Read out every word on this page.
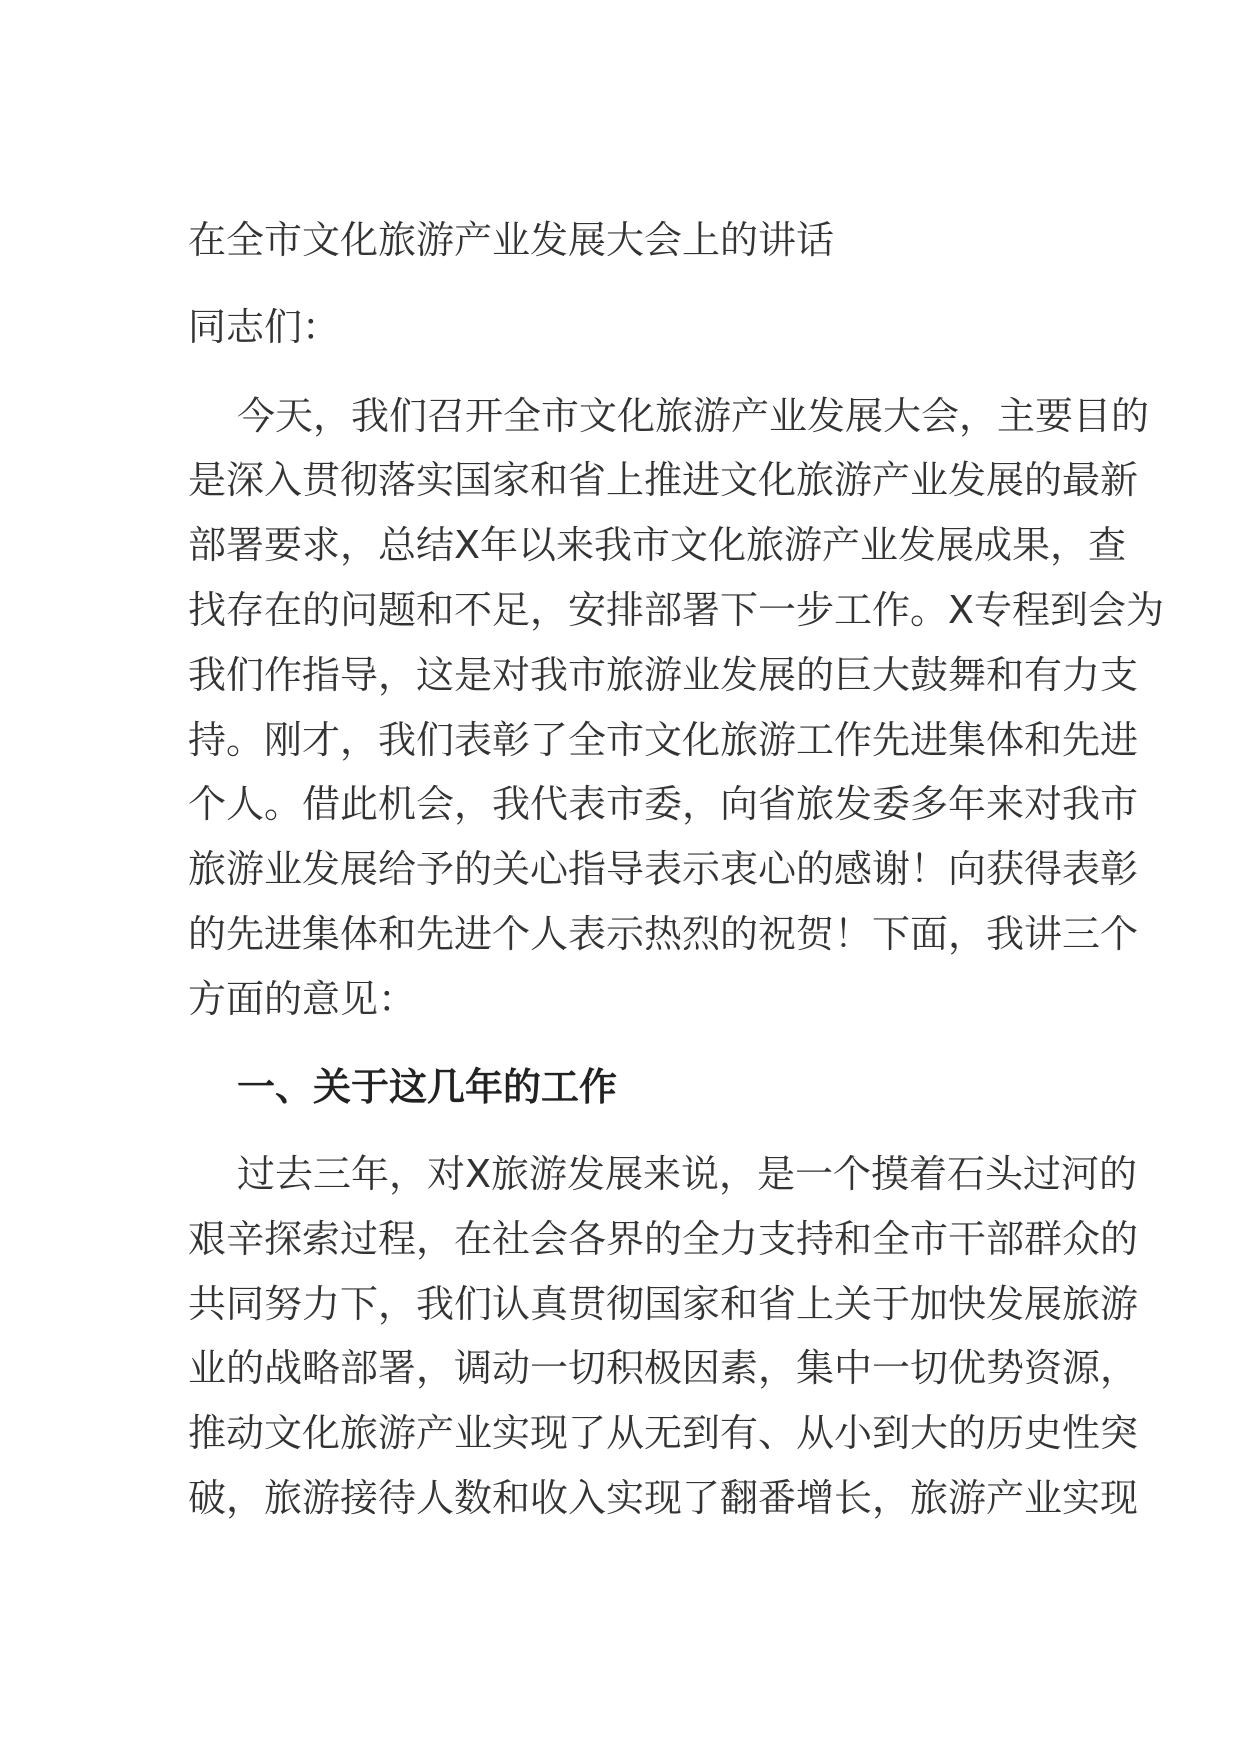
在全市文化旅游产业发展大会上的讲话
同志们：
今天，我们召开全市文化旅游产业发展大会，主要目的
是深入贯彻落实国家和省上推进文化旅游产业发展的最新
部署要求，总结X年以来我市文化旅游产业发展成果，查
找存在的问题和不足，安排部署下一步工作。X专程到会为
我们作指导，这是对我市旅游业发展的巨大鼓舞和有力支
持。刚才，我们表彰了全市文化旅游工作先进集体和先进
个人。借此机会，我代表市委，向省旅发委多年来对我市
旅游业发展给予的关心指导表示衷心的感谢！向获得表彰
的先进集体和先进个人表示热烈的祝贺！下面，我讲三个
方面的意见：
一、关于这几年的工作
过去三年，对X旅游发展来说，是一个摸着石头过河的
艰辛探索过程，在社会各界的全力支持和全市干部群众的
共同努力下，我们认真贯彻国家和省上关于加快发展旅游
业的战略部署，调动一切积极因素，集中一切优势资源，
推动文化旅游产业实现了从无到有、从小到大的历史性突
破，旅游接待人数和收入实现了翻番增长，旅游产业实现
